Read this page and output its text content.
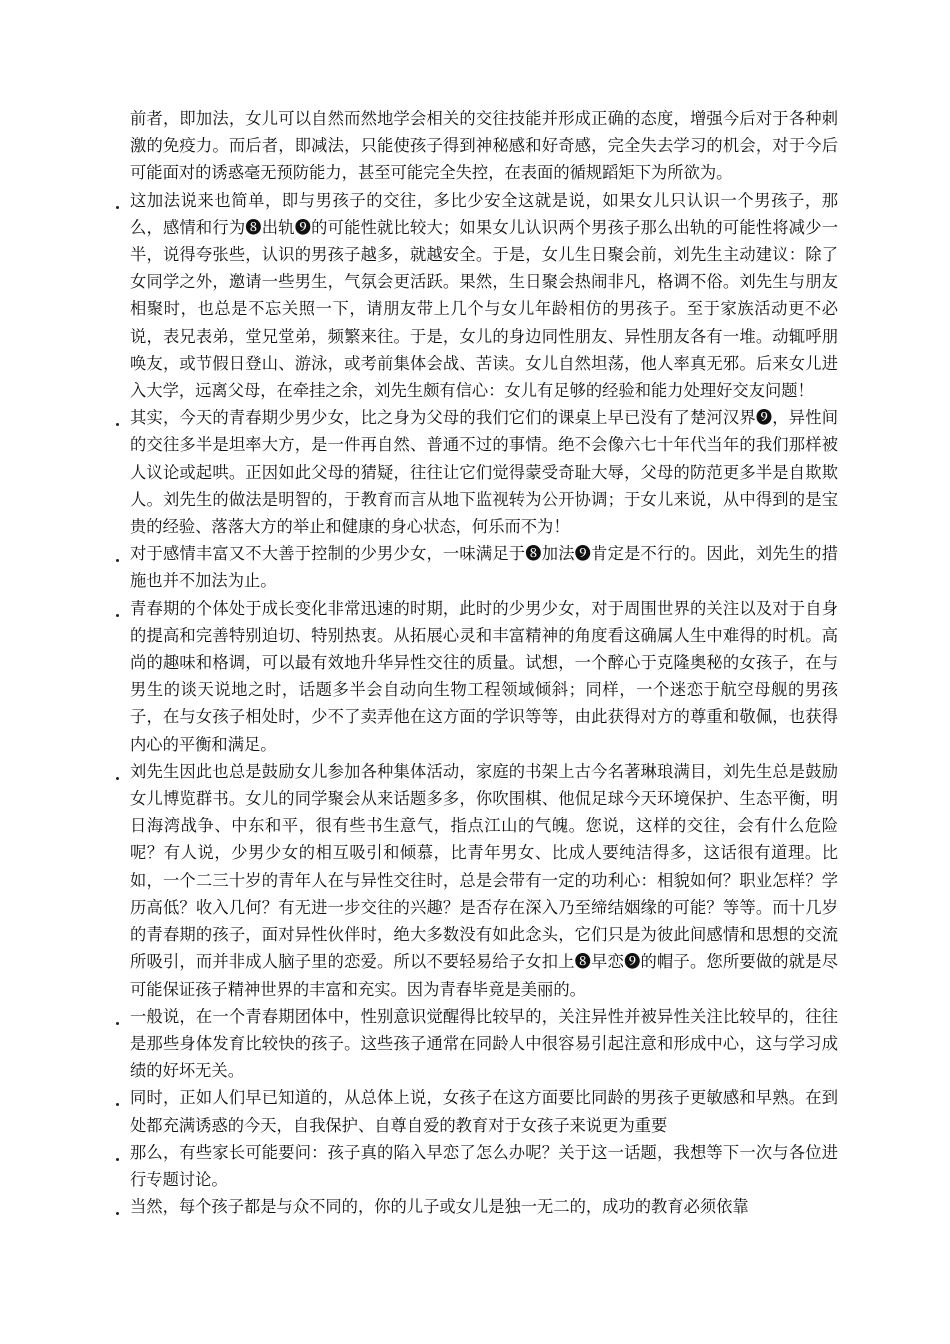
前者，即加法，女儿可以自然而然地学会相关的交往技能并形成正确的态度，增强今后对于各种刺激的免疫力。而后者，即减法，只能使孩子得到神秘感和好奇感，完全失去学习的机会，对于今后可能面对的诱惑毫无预防能力，甚至可能完全失控，在表面的循规蹈矩下为所欲为。

这加法说来也简单，即与男孩子的交往，多比少安全这就是说，如果女儿只认识一个男孩子，那么，感情和行为❽出轨❾的可能性就比较大；如果女儿认识两个男孩子那么出轨的可能性将减少一半，说得夸张些，认识的男孩子越多，就越安全。于是，女儿生日聚会前，刘先生主动建议：除了女同学之外，邀请一些男生，气氛会更活跃。果然，生日聚会热闹非凡，格调不俗。刘先生与朋友相聚时，也总是不忘关照一下，请朋友带上几个与女儿年龄相仿的男孩子。至于家族活动更不必说，表兄表弟，堂兄堂弟，频繁来往。于是，女儿的身边同性朋友、异性朋友各有一堆。动辄呼朋唤友，或节假日登山、游泳，或考前集体会战、苦读。女儿自然坦荡，他人率真无邪。后来女儿进入大学，远离父母，在牵挂之余，刘先生颇有信心：女儿有足够的经验和能力处理好交友问题！

其实，今天的青春期少男少女，比之身为父母的我们它们的课桌上早已没有了楚河汉界❾，异性间的交往多半是坦率大方，是一件再自然、普通不过的事情。绝不会像六七十年代当年的我们那样被人议论或起哄。正因如此父母的猜疑，往往让它们觉得蒙受奇耻大辱，父母的防范更多半是自欺欺人。刘先生的做法是明智的，于教育而言从地下监视转为公开协调；于女儿来说，从中得到的是宝贵的经验、落落大方的举止和健康的身心状态，何乐而不为！

对于感情丰富又不大善于控制的少男少女，一味满足于❽加法❾肯定是不行的。因此，刘先生的措施也并不加法为止。

青春期的个体处于成长变化非常迅速的时期，此时的少男少女，对于周围世界的关注以及对于自身的提高和完善特别迫切、特别热衷。从拓展心灵和丰富精神的角度看这确属人生中难得的时机。高尚的趣味和格调，可以最有效地升华异性交往的质量。试想，一个醉心于克隆奥秘的女孩子，在与男生的谈天说地之时，话题多半会自动向生物工程领域倾斜；同样，一个迷恋于航空母舰的男孩子，在与女孩子相处时，少不了卖弄他在这方面的学识等等，由此获得对方的尊重和敬佩，也获得内心的平衡和满足。

刘先生因此也总是鼓励女儿参加各种集体活动，家庭的书架上古今名著琳琅满目，刘先生总是鼓励女儿博览群书。女儿的同学聚会从来话题多多，你吹围棋、他侃足球今天环境保护、生态平衡，明日海湾战争、中东和平，很有些书生意气，指点江山的气魄。您说，这样的交往，会有什么危险呢？有人说，少男少女的相互吸引和倾慕，比青年男女、比成人要纯洁得多，这话很有道理。比如，一个二三十岁的青年人在与异性交往时，总是会带有一定的功利心：相貌如何？职业怎样？学历高低？收入几何？有无进一步交往的兴趣？是否存在深入乃至缔结姻缘的可能？等等。而十几岁的青春期的孩子，面对异性伙伴时，绝大多数没有如此念头，它们只是为彼此间感情和思想的交流所吸引，而并非成人脑子里的恋爱。所以不要轻易给子女扣上❽早恋❾的帽子。您所要做的就是尽可能保证孩子精神世界的丰富和充实。因为青春毕竟是美丽的。

一般说，在一个青春期团体中，性别意识觉醒得比较早的，关注异性并被异性关注比较早的，往往是那些身体发育比较快的孩子。这些孩子通常在同龄人中很容易引起注意和形成中心，这与学习成绩的好坏无关。

同时，正如人们早已知道的，从总体上说，女孩子在这方面要比同龄的男孩子更敏感和早熟。在到处都充满诱惑的今天，自我保护、自尊自爱的教育对于女孩子来说更为重要

那么，有些家长可能要问：孩子真的陷入早恋了怎么办呢？关于这一话题，我想等下一次与各位进行专题讨论。

当然，每个孩子都是与众不同的，你的儿子或女儿是独一无二的，成功的教育必须依靠
